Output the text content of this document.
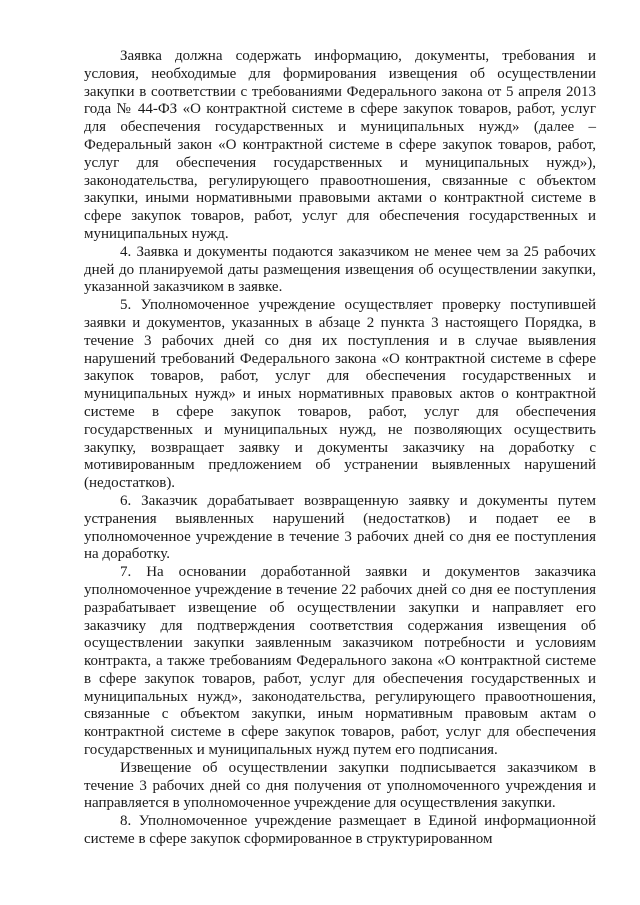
Заявка должна содержать информацию, документы, требования и условия, необходимые для формирования извещения об осуществлении закупки в соответствии с требованиями Федерального закона от 5 апреля 2013 года № 44-ФЗ «О контрактной системе в сфере закупок товаров, работ, услуг для обеспечения государственных и муниципальных нужд» (далее – Федеральный закон «О контрактной системе в сфере закупок товаров, работ, услуг для обеспечения государственных и муниципальных нужд»), законодательства, регулирующего правоотношения, связанные с объектом закупки, иными нормативными правовыми актами о контрактной системе в сфере закупок товаров, работ, услуг для обеспечения государственных и муниципальных нужд.

4. Заявка и документы подаются заказчиком не менее чем за 25 рабочих дней до планируемой даты размещения извещения об осуществлении закупки, указанной заказчиком в заявке.

5. Уполномоченное учреждение осуществляет проверку поступившей заявки и документов, указанных в абзаце 2 пункта 3 настоящего Порядка, в течение 3 рабочих дней со дня их поступления и в случае выявления нарушений требований Федерального закона «О контрактной системе в сфере закупок товаров, работ, услуг для обеспечения государственных и муниципальных нужд» и иных нормативных правовых актов о контрактной системе в сфере закупок товаров, работ, услуг для обеспечения государственных и муниципальных нужд, не позволяющих осуществить закупку, возвращает заявку и документы заказчику на доработку с мотивированным предложением об устранении выявленных нарушений (недостатков).

6. Заказчик дорабатывает возвращенную заявку и документы путем устранения выявленных нарушений (недостатков) и подает ее в уполномоченное учреждение в течение 3 рабочих дней со дня ее поступления на доработку.

7. На основании доработанной заявки и документов заказчика уполномоченное учреждение в течение 22 рабочих дней со дня ее поступления разрабатывает извещение об осуществлении закупки и направляет его заказчику для подтверждения соответствия содержания извещения об осуществлении закупки заявленным заказчиком потребности и условиям контракта, а также требованиям Федерального закона «О контрактной системе в сфере закупок товаров, работ, услуг для обеспечения государственных и муниципальных нужд», законодательства, регулирующего правоотношения, связанные с объектом закупки, иным нормативным правовым актам о контрактной системе в сфере закупок товаров, работ, услуг для обеспечения государственных и муниципальных нужд путем его подписания.

Извещение об осуществлении закупки подписывается заказчиком в течение 3 рабочих дней со дня получения от уполномоченного учреждения и направляется в уполномоченное учреждение для осуществления закупки.

8. Уполномоченное учреждение размещает в Единой информационной системе в сфере закупок сформированное в структурированном
